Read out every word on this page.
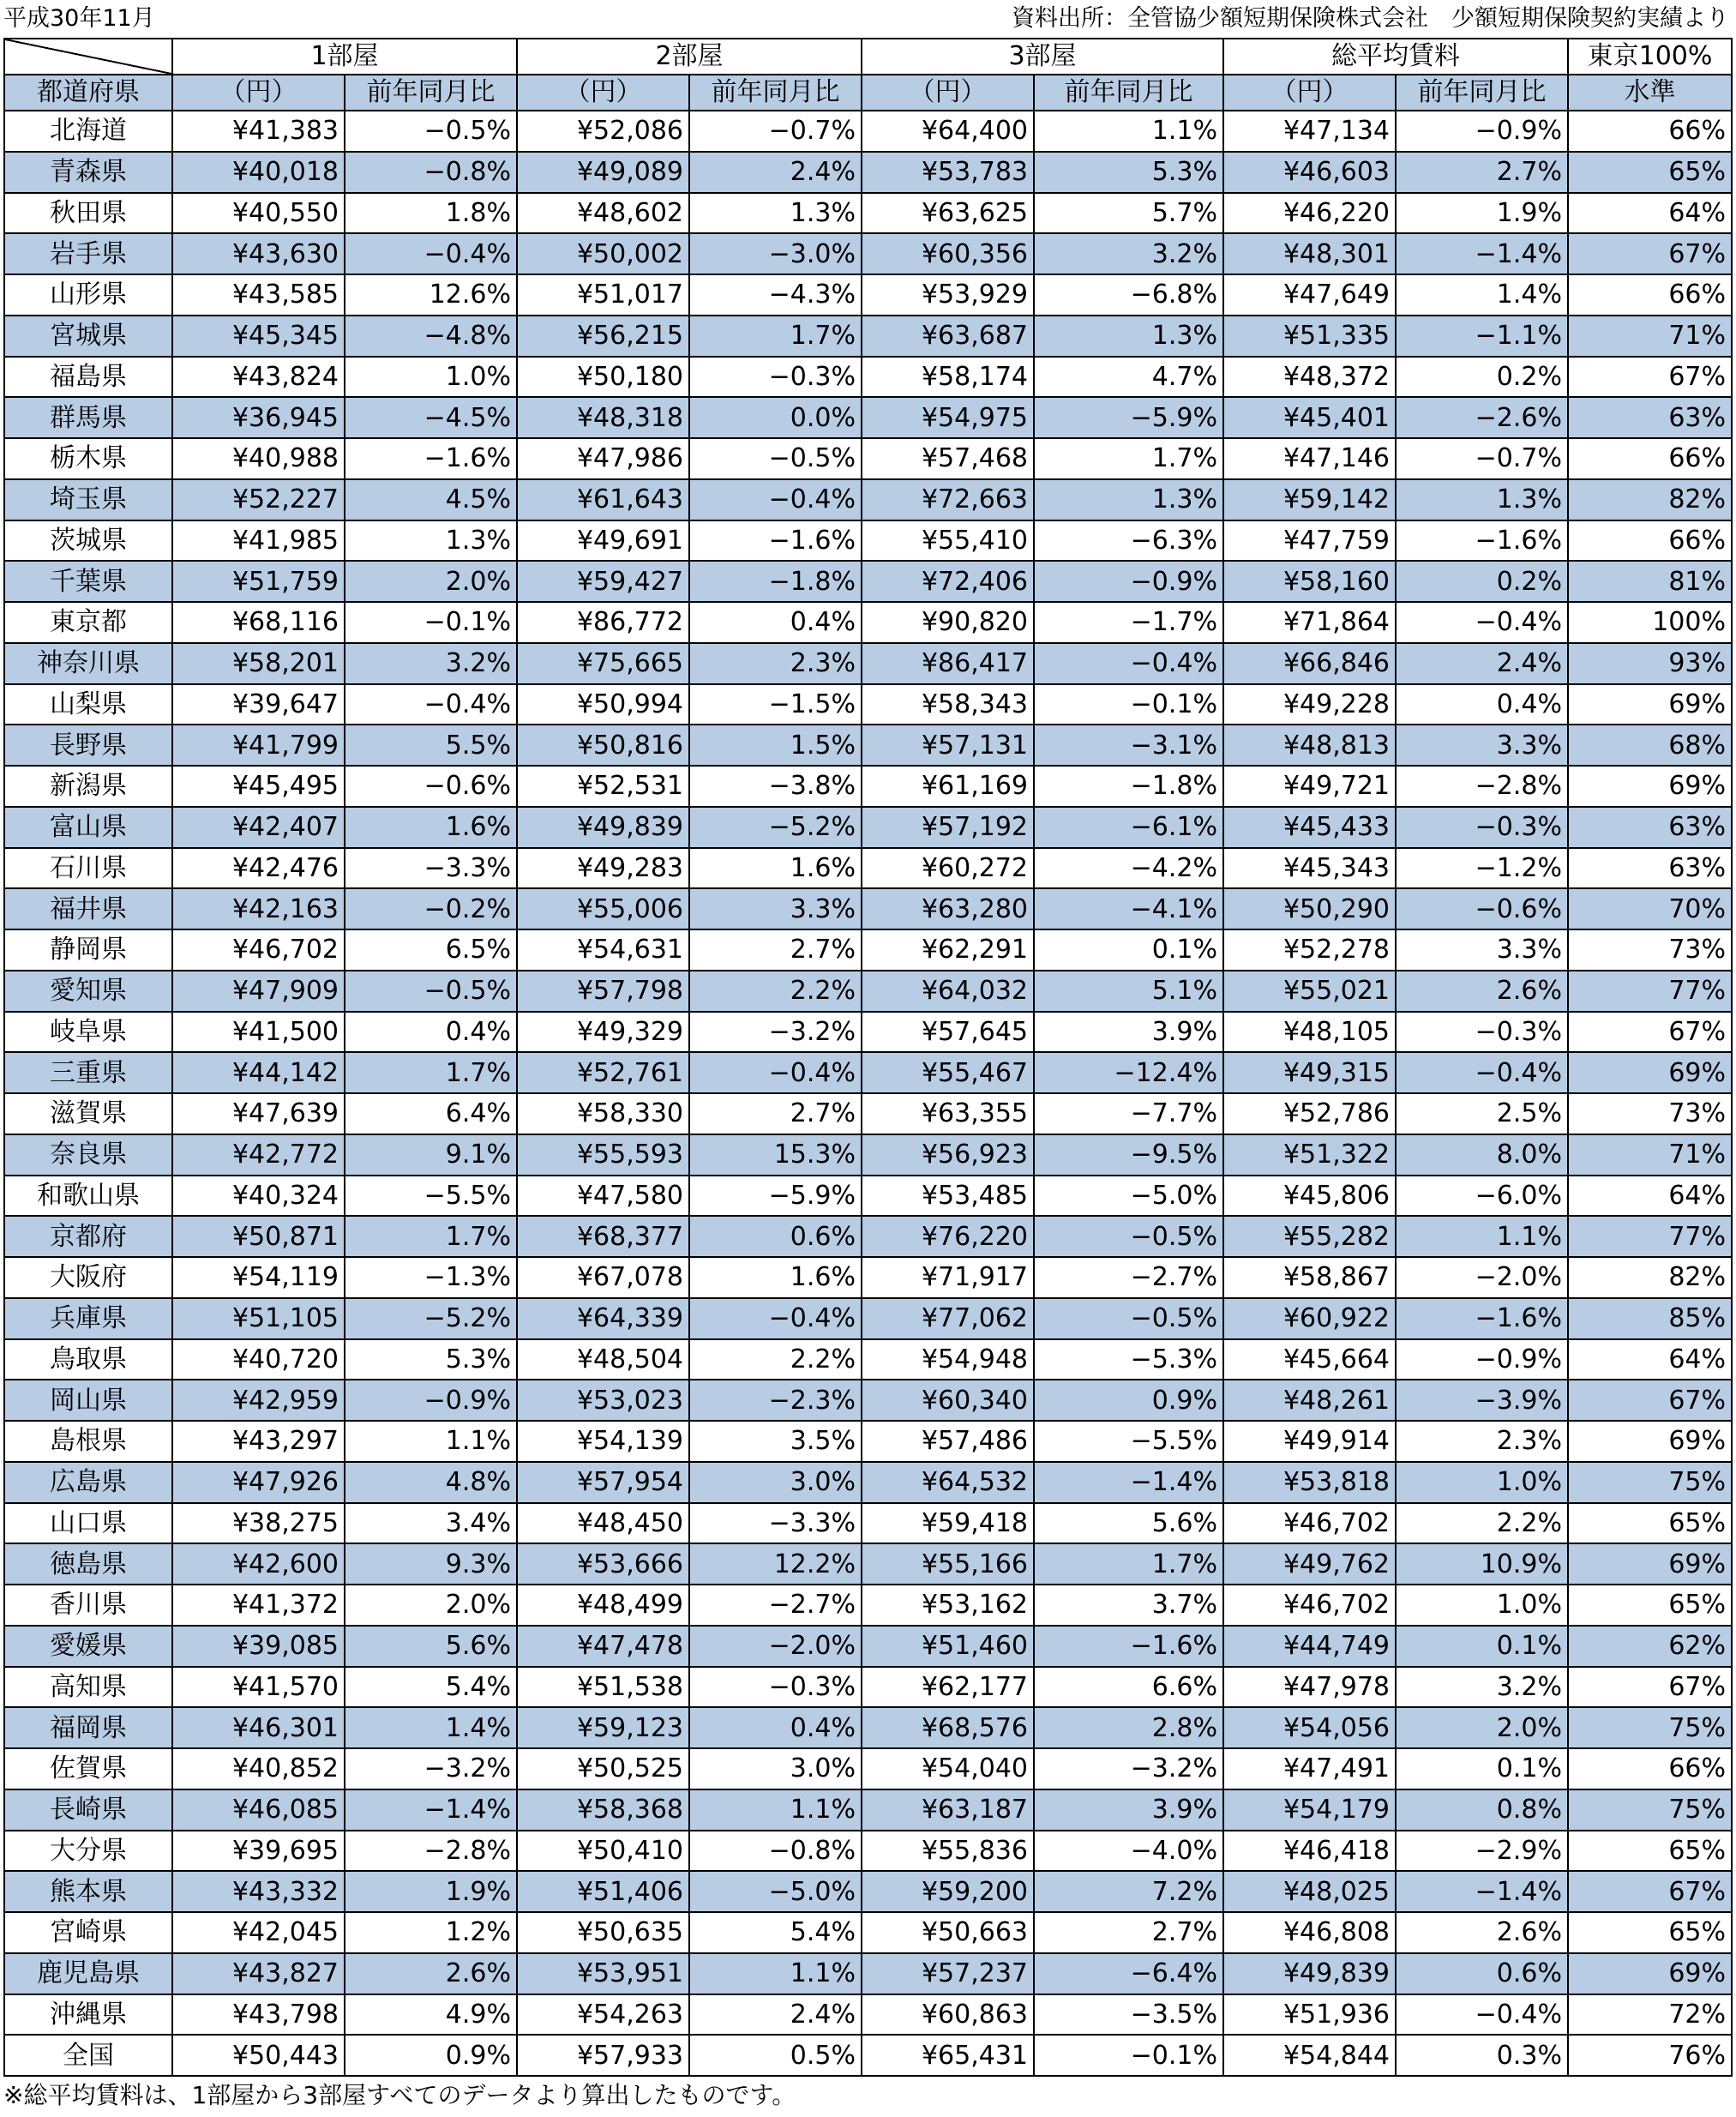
平成30年11月	資料出所：全管協少額短期保険株式会社　少額短期保険契約実績より
	1部屋		2部屋		3部屋		総平均賃料		東京100%
都道府県	（円）	前年同月比	（円）	前年同月比	（円）	前年同月比	（円）	前年同月比	水準
北海道	¥41,383	−0.5%	¥52,086	−0.7%	¥64,400	1.1%	¥47,134	−0.9%	66%
青森県	¥40,018	−0.8%	¥49,089	2.4%	¥53,783	5.3%	¥46,603	2.7%	65%
秋田県	¥40,550	1.8%	¥48,602	1.3%	¥63,625	5.7%	¥46,220	1.9%	64%
岩手県	¥43,630	−0.4%	¥50,002	−3.0%	¥60,356	3.2%	¥48,301	−1.4%	67%
山形県	¥43,585	12.6%	¥51,017	−4.3%	¥53,929	−6.8%	¥47,649	1.4%	66%
宮城県	¥45,345	−4.8%	¥56,215	1.7%	¥63,687	1.3%	¥51,335	−1.1%	71%
福島県	¥43,824	1.0%	¥50,180	−0.3%	¥58,174	4.7%	¥48,372	0.2%	67%
群馬県	¥36,945	−4.5%	¥48,318	0.0%	¥54,975	−5.9%	¥45,401	−2.6%	63%
栃木県	¥40,988	−1.6%	¥47,986	−0.5%	¥57,468	1.7%	¥47,146	−0.7%	66%
埼玉県	¥52,227	4.5%	¥61,643	−0.4%	¥72,663	1.3%	¥59,142	1.3%	82%
茨城県	¥41,985	1.3%	¥49,691	−1.6%	¥55,410	−6.3%	¥47,759	−1.6%	66%
千葉県	¥51,759	2.0%	¥59,427	−1.8%	¥72,406	−0.9%	¥58,160	0.2%	81%
東京都	¥68,116	−0.1%	¥86,772	0.4%	¥90,820	−1.7%	¥71,864	−0.4%	100%
神奈川県	¥58,201	3.2%	¥75,665	2.3%	¥86,417	−0.4%	¥66,846	2.4%	93%
山梨県	¥39,647	−0.4%	¥50,994	−1.5%	¥58,343	−0.1%	¥49,228	0.4%	69%
長野県	¥41,799	5.5%	¥50,816	1.5%	¥57,131	−3.1%	¥48,813	3.3%	68%
新潟県	¥45,495	−0.6%	¥52,531	−3.8%	¥61,169	−1.8%	¥49,721	−2.8%	69%
富山県	¥42,407	1.6%	¥49,839	−5.2%	¥57,192	−6.1%	¥45,433	−0.3%	63%
石川県	¥42,476	−3.3%	¥49,283	1.6%	¥60,272	−4.2%	¥45,343	−1.2%	63%
福井県	¥42,163	−0.2%	¥55,006	3.3%	¥63,280	−4.1%	¥50,290	−0.6%	70%
静岡県	¥46,702	6.5%	¥54,631	2.7%	¥62,291	0.1%	¥52,278	3.3%	73%
愛知県	¥47,909	−0.5%	¥57,798	2.2%	¥64,032	5.1%	¥55,021	2.6%	77%
岐阜県	¥41,500	0.4%	¥49,329	−3.2%	¥57,645	3.9%	¥48,105	−0.3%	67%
三重県	¥44,142	1.7%	¥52,761	−0.4%	¥55,467	−12.4%	¥49,315	−0.4%	69%
滋賀県	¥47,639	6.4%	¥58,330	2.7%	¥63,355	−7.7%	¥52,786	2.5%	73%
奈良県	¥42,772	9.1%	¥55,593	15.3%	¥56,923	−9.5%	¥51,322	8.0%	71%
和歌山県	¥40,324	−5.5%	¥47,580	−5.9%	¥53,485	−5.0%	¥45,806	−6.0%	64%
京都府	¥50,871	1.7%	¥68,377	0.6%	¥76,220	−0.5%	¥55,282	1.1%	77%
大阪府	¥54,119	−1.3%	¥67,078	1.6%	¥71,917	−2.7%	¥58,867	−2.0%	82%
兵庫県	¥51,105	−5.2%	¥64,339	−0.4%	¥77,062	−0.5%	¥60,922	−1.6%	85%
鳥取県	¥40,720	5.3%	¥48,504	2.2%	¥54,948	−5.3%	¥45,664	−0.9%	64%
岡山県	¥42,959	−0.9%	¥53,023	−2.3%	¥60,340	0.9%	¥48,261	−3.9%	67%
島根県	¥43,297	1.1%	¥54,139	3.5%	¥57,486	−5.5%	¥49,914	2.3%	69%
広島県	¥47,926	4.8%	¥57,954	3.0%	¥64,532	−1.4%	¥53,818	1.0%	75%
山口県	¥38,275	3.4%	¥48,450	−3.3%	¥59,418	5.6%	¥46,702	2.2%	65%
徳島県	¥42,600	9.3%	¥53,666	12.2%	¥55,166	1.7%	¥49,762	10.9%	69%
香川県	¥41,372	2.0%	¥48,499	−2.7%	¥53,162	3.7%	¥46,702	1.0%	65%
愛媛県	¥39,085	5.6%	¥47,478	−2.0%	¥51,460	−1.6%	¥44,749	0.1%	62%
高知県	¥41,570	5.4%	¥51,538	−0.3%	¥62,177	6.6%	¥47,978	3.2%	67%
福岡県	¥46,301	1.4%	¥59,123	0.4%	¥68,576	2.8%	¥54,056	2.0%	75%
佐賀県	¥40,852	−3.2%	¥50,525	3.0%	¥54,040	−3.2%	¥47,491	0.1%	66%
長崎県	¥46,085	−1.4%	¥58,368	1.1%	¥63,187	3.9%	¥54,179	0.8%	75%
大分県	¥39,695	−2.8%	¥50,410	−0.8%	¥55,836	−4.0%	¥46,418	−2.9%	65%
熊本県	¥43,332	1.9%	¥51,406	−5.0%	¥59,200	7.2%	¥48,025	−1.4%	67%
宮崎県	¥42,045	1.2%	¥50,635	5.4%	¥50,663	2.7%	¥46,808	2.6%	65%
鹿児島県	¥43,827	2.6%	¥53,951	1.1%	¥57,237	−6.4%	¥49,839	0.6%	69%
沖縄県	¥43,798	4.9%	¥54,263	2.4%	¥60,863	−3.5%	¥51,936	−0.4%	72%
全国	¥50,443	0.9%	¥57,933	0.5%	¥65,431	−0.1%	¥54,844	0.3%	76%
※総平均賃料は、1部屋から3部屋すべてのデータより算出したものです。
